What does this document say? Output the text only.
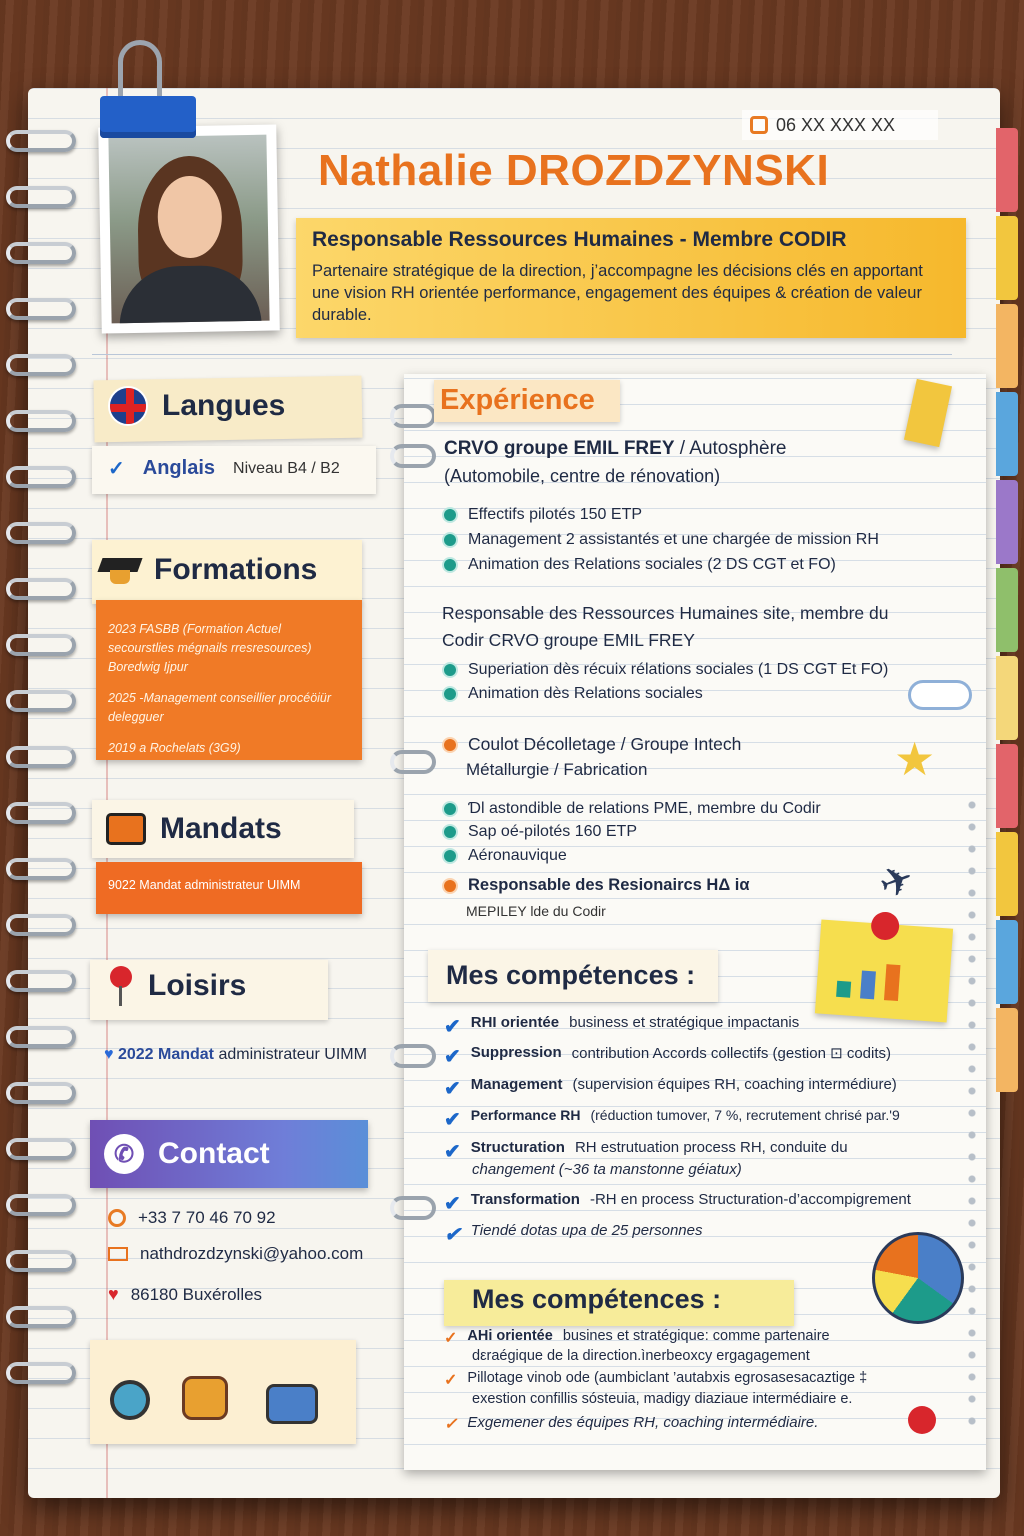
06 XX XXX XX
Nathalie DROZDZYNSKI
Responsable Ressources Humaines - Membre CODIR
Partenaire stratégique de la direction, j’accompagne les décisions clés en apportant une vision RH orientée performance, engagement des équipes & création de valeur durable.
Langues
✓ Anglais Niveau B4 / B2
Formations
2023 FASBB (Formation Actuel secourstlies mégnails rresresources) Boredwig Ijpur
2025 -Management conseillier procéöiür delegguer
2019 a Rochelats (3G9)
Mandats
9022 Mandat administrateur UIMM
Loisirs
♥ 2022 Mandat administrateur UIMM
✆ Contact
+33 7 70 46 70 92
nathdrozdzynski@yahoo.com
♥ 86180 Buxérolles
Expérience
CRVO groupe EMIL FREY / Autosphère
(Automobile, centre de rénovation)
Effectifs pilotés 150 ETP
Management 2 assistantés et une chargée de mission RH
Animation des Relations sociales (2 DS CGT et FO)
Responsable des Ressources Humaines site, membre du
Codir CRVO groupe EMIL FREY
Superiation dès récuix rélations sociales (1 DS CGT Et FO)
Animation dès Relations sociales
Coulot Décolletage / Groupe Intech
Métallurgie / Fabrication	★
Ɗl astondible de relations PME, membre du Codir
Sap oé-pilotés 160 ETP
Aéronauvique
✈
Responsable des Resionaircs HΔ iα
MEPILEY lde du Codir
Mes compétences :
✔ RHI orientée business et stratégique impactanis
✔ Suppression contribution Accords collectifs (gestion ⊡ codits)
✔ Management (supervision équipes RH, coaching intermédiure)
✔ Performance RH (réduction tumover, 7 %, recrutement chrisé par.'9
✔ Structuration RH estrutuation process RH, conduite du
changement (~36 ta manstonne géiatux)
✔ Transformation -RH en process Structuration-d’accompigrement
✔ Tiendé dotas upa de 25 personnes
Mes compétences :
✓ AHi orientée busines et stratégique: comme partenaire
dεraégique de la direction.ìnerbeoxcy ergagagement
✓ Pillotage vinob ode (aumbiclant ’autabxis egrosasesacaztige ‡
exestion confillis sósteuia, madigy diaziaue intermédiaire e.
✓ Exgemener des équipes RH, coaching intermédiaire.
